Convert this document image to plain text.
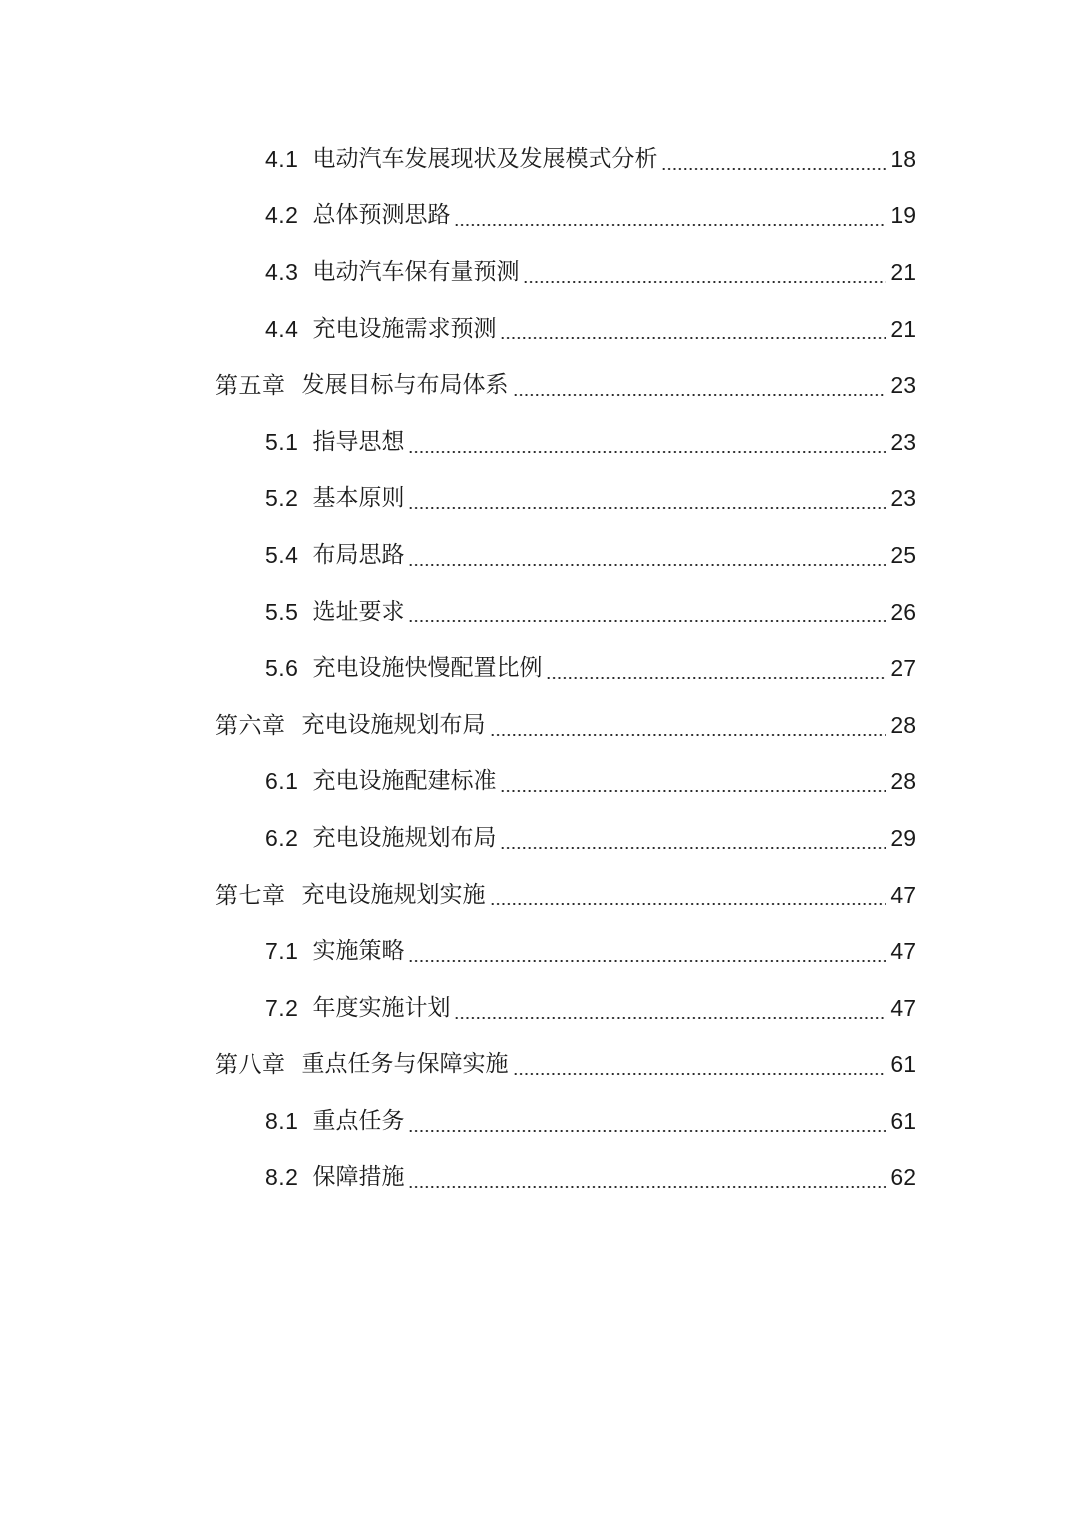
4.1 电动汽车发展现状及发展模式分析	18
4.2 总体预测思路	19
4.3 电动汽车保有量预测	21
4.4 充电设施需求预测	21
第五章 发展目标与布局体系	23
5.1 指导思想	23
5.2 基本原则	23
5.4 布局思路	25
5.5 选址要求	26
5.6 充电设施快慢配置比例	27
第六章 充电设施规划布局	28
6.1 充电设施配建标准	28
6.2 充电设施规划布局	29
第七章 充电设施规划实施	47
7.1 实施策略	47
7.2 年度实施计划	47
第八章 重点任务与保障实施	61
8.1 重点任务	61
8.2 保障措施	62
